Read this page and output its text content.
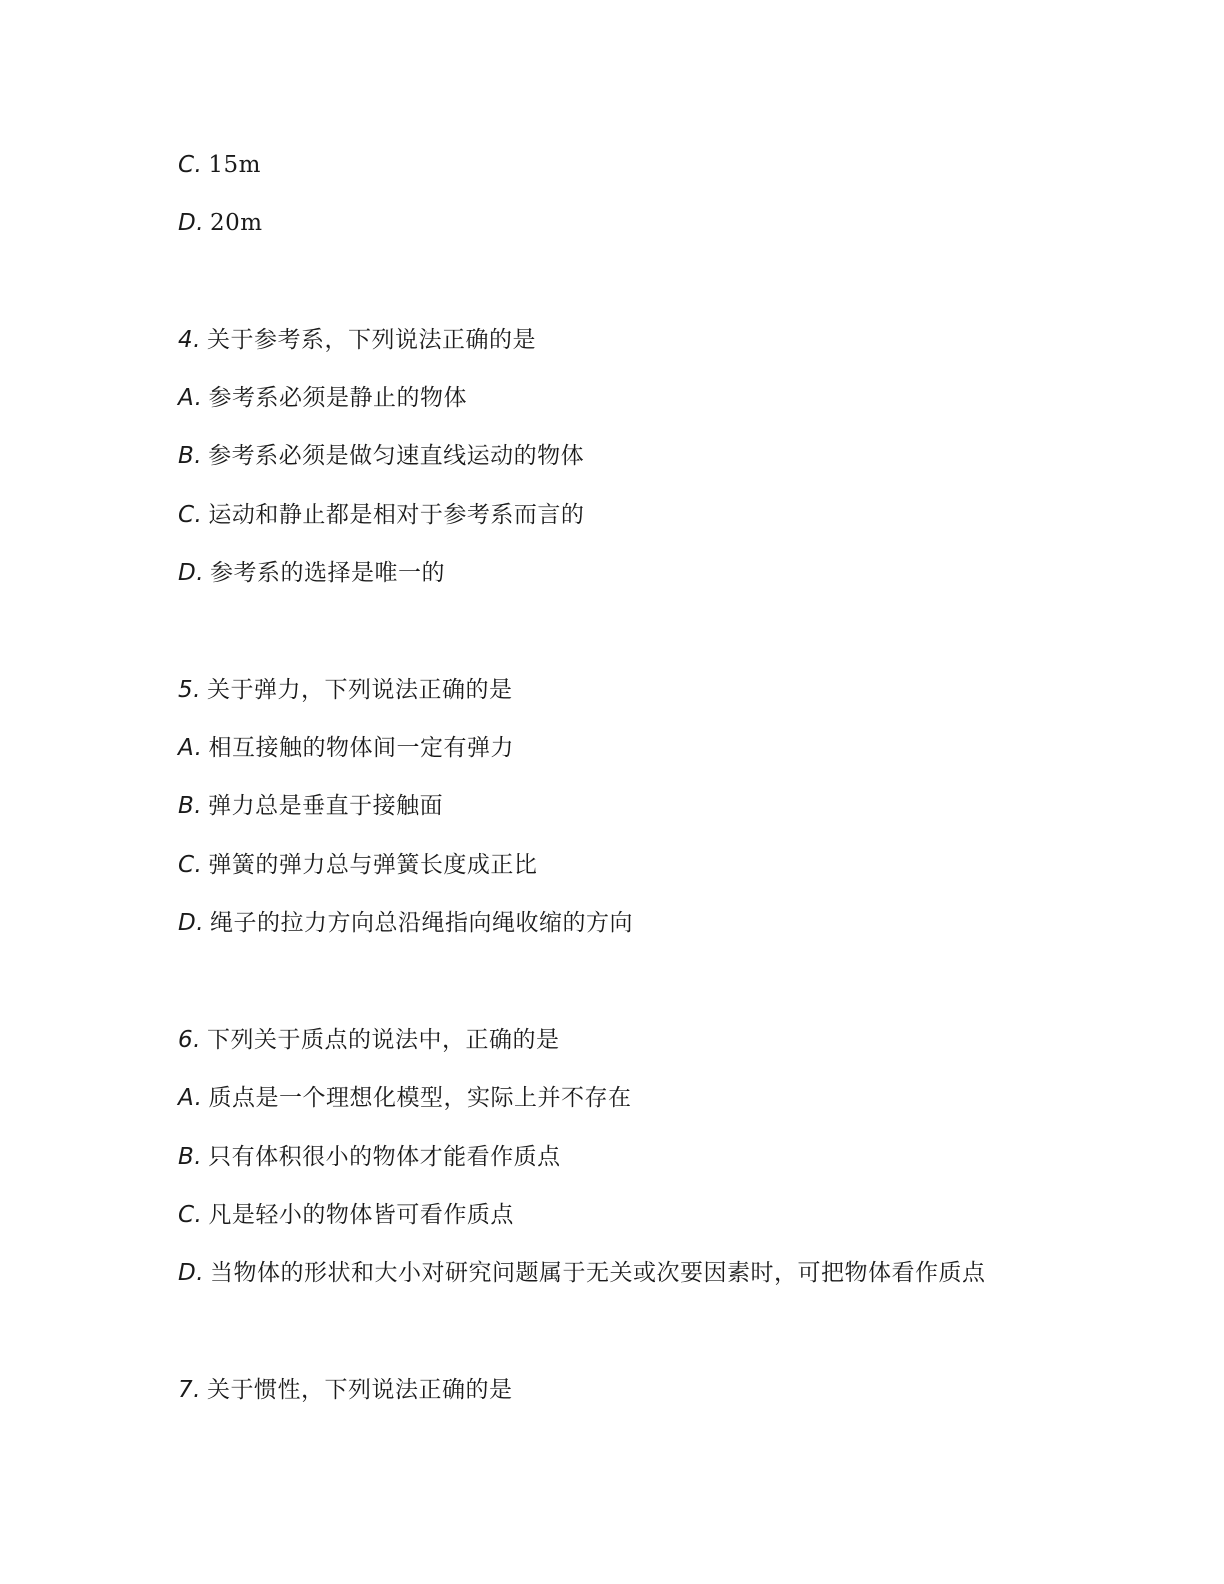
C. 15m
D. 20m
4. 关于参考系，下列说法正确的是
A. 参考系必须是静止的物体
B. 参考系必须是做匀速直线运动的物体
C. 运动和静止都是相对于参考系而言的
D. 参考系的选择是唯一的
5. 关于弹力，下列说法正确的是
A. 相互接触的物体间一定有弹力
B. 弹力总是垂直于接触面
C. 弹簧的弹力总与弹簧长度成正比
D. 绳子的拉力方向总沿绳指向绳收缩的方向
6. 下列关于质点的说法中，正确的是
A. 质点是一个理想化模型，实际上并不存在
B. 只有体积很小的物体才能看作质点
C. 凡是轻小的物体皆可看作质点
D. 当物体的形状和大小对研究问题属于无关或次要因素时，可把物体看作质点
7. 关于惯性，下列说法正确的是
